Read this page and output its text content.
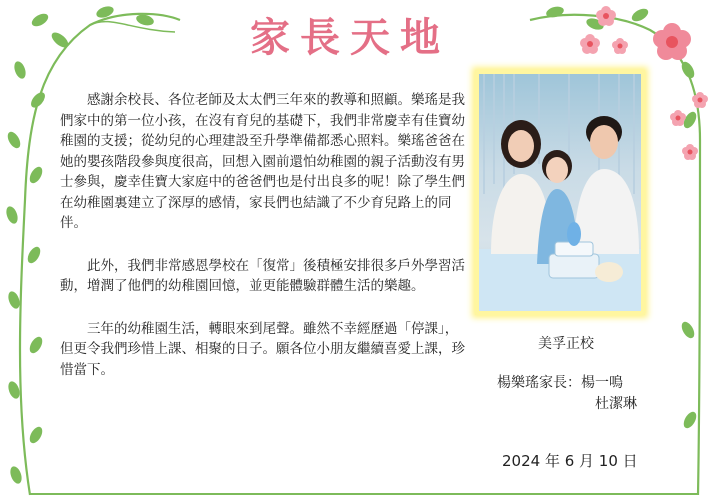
家長天地

感謝余校長、各位老師及太太們三年來的教導和照顧。樂瑤是我們家中的第一位小孩，在沒有育兒的基礎下，我們非常慶幸有佳寶幼稚園的支援；從幼兒的心理建設至升學準備都悉心照料。樂瑤爸爸在她的嬰孩階段參與度很高，回想入園前還怕幼稚園的親子活動沒有男士參與，慶幸佳寶大家庭中的爸爸們也是付出良多的呢！除了學生們在幼稚園裏建立了深厚的感情，家長們也結識了不少育兒路上的同伴。

此外，我們非常感恩學校在「復常」後積極安排很多戶外學習活動，增潤了他們的幼稚園回憶，並更能體驗群體生活的樂趣。

三年的幼稚園生活，轉眼來到尾聲。雖然不幸經歷過「停課」，但更令我們珍惜上課、相聚的日子。願各位小朋友繼續喜愛上課，珍惜當下。

美孚正校
楊樂瑤家長：楊一鳴
杜潔琳
2024 年 6 月 10 日
